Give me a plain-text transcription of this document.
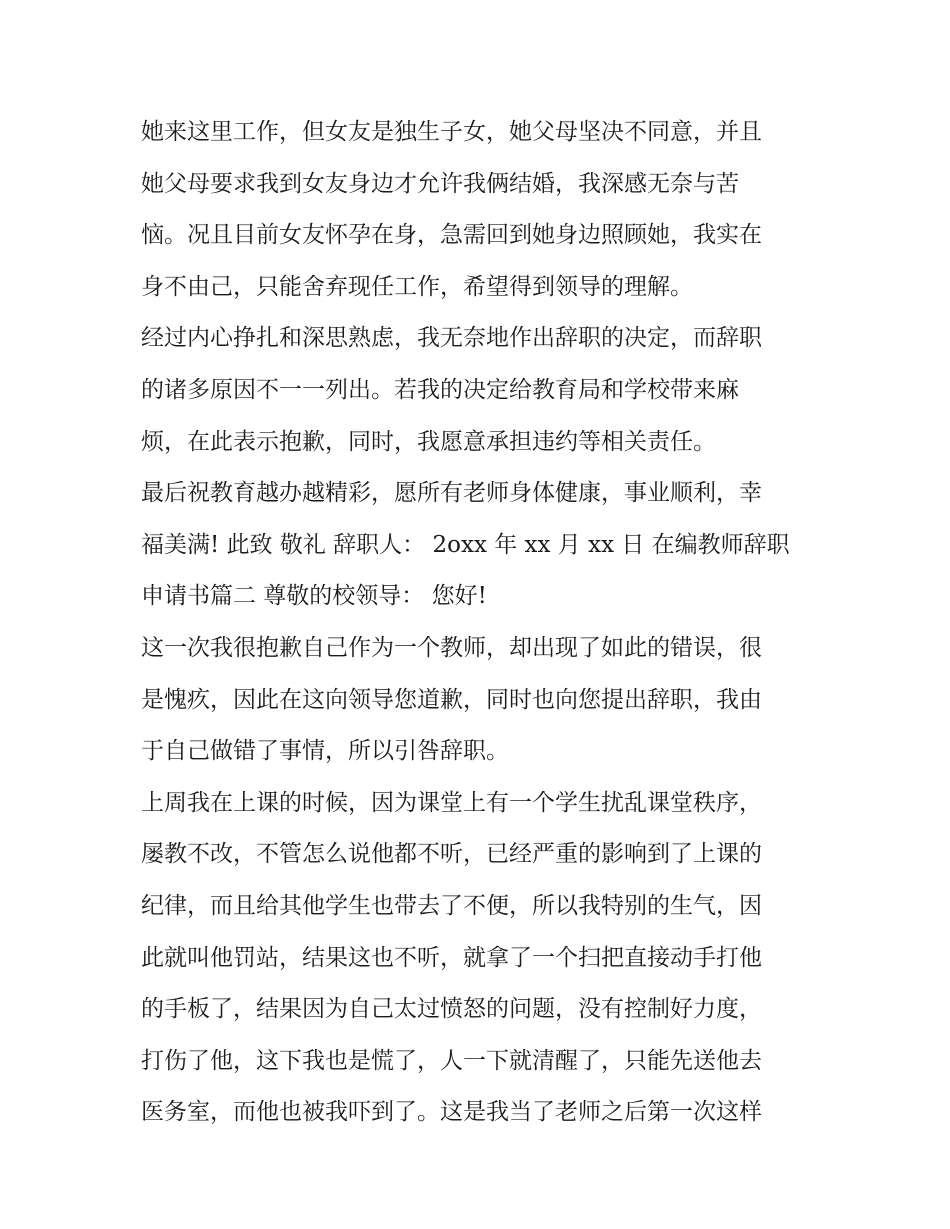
她来这里工作，但女友是独生子女，她父母坚决不同意，并且
她父母要求我到女友身边才允许我俩结婚，我深感无奈与苦
恼。况且目前女友怀孕在身，急需回到她身边照顾她，我实在
身不由己，只能舍弃现任工作，希望得到领导的理解。
经过内心挣扎和深思熟虑，我无奈地作出辞职的决定，而辞职
的诸多原因不一一列出。若我的决定给教育局和学校带来麻
烦，在此表示抱歉，同时，我愿意承担违约等相关责任。
最后祝教育越办越精彩，愿所有老师身体健康，事业顺利，幸
福美满! 此致 敬礼 辞职人： 2oxx 年 xx 月 xx 日 在编教师辞职
申请书篇二 尊敬的校领导： 您好!
这一次我很抱歉自己作为一个教师，却出现了如此的错误，很
是愧疚，因此在这向领导您道歉，同时也向您提出辞职，我由
于自己做错了事情，所以引咎辞职。
上周我在上课的时候，因为课堂上有一个学生扰乱课堂秩序，
屡教不改，不管怎么说他都不听，已经严重的影响到了上课的
纪律，而且给其他学生也带去了不便，所以我特别的生气，因
此就叫他罚站，结果这也不听，就拿了一个扫把直接动手打他
的手板了，结果因为自己太过愤怒的问题，没有控制好力度，
打伤了他，这下我也是慌了，人一下就清醒了，只能先送他去
医务室，而他也被我吓到了。这是我当了老师之后第一次这样
